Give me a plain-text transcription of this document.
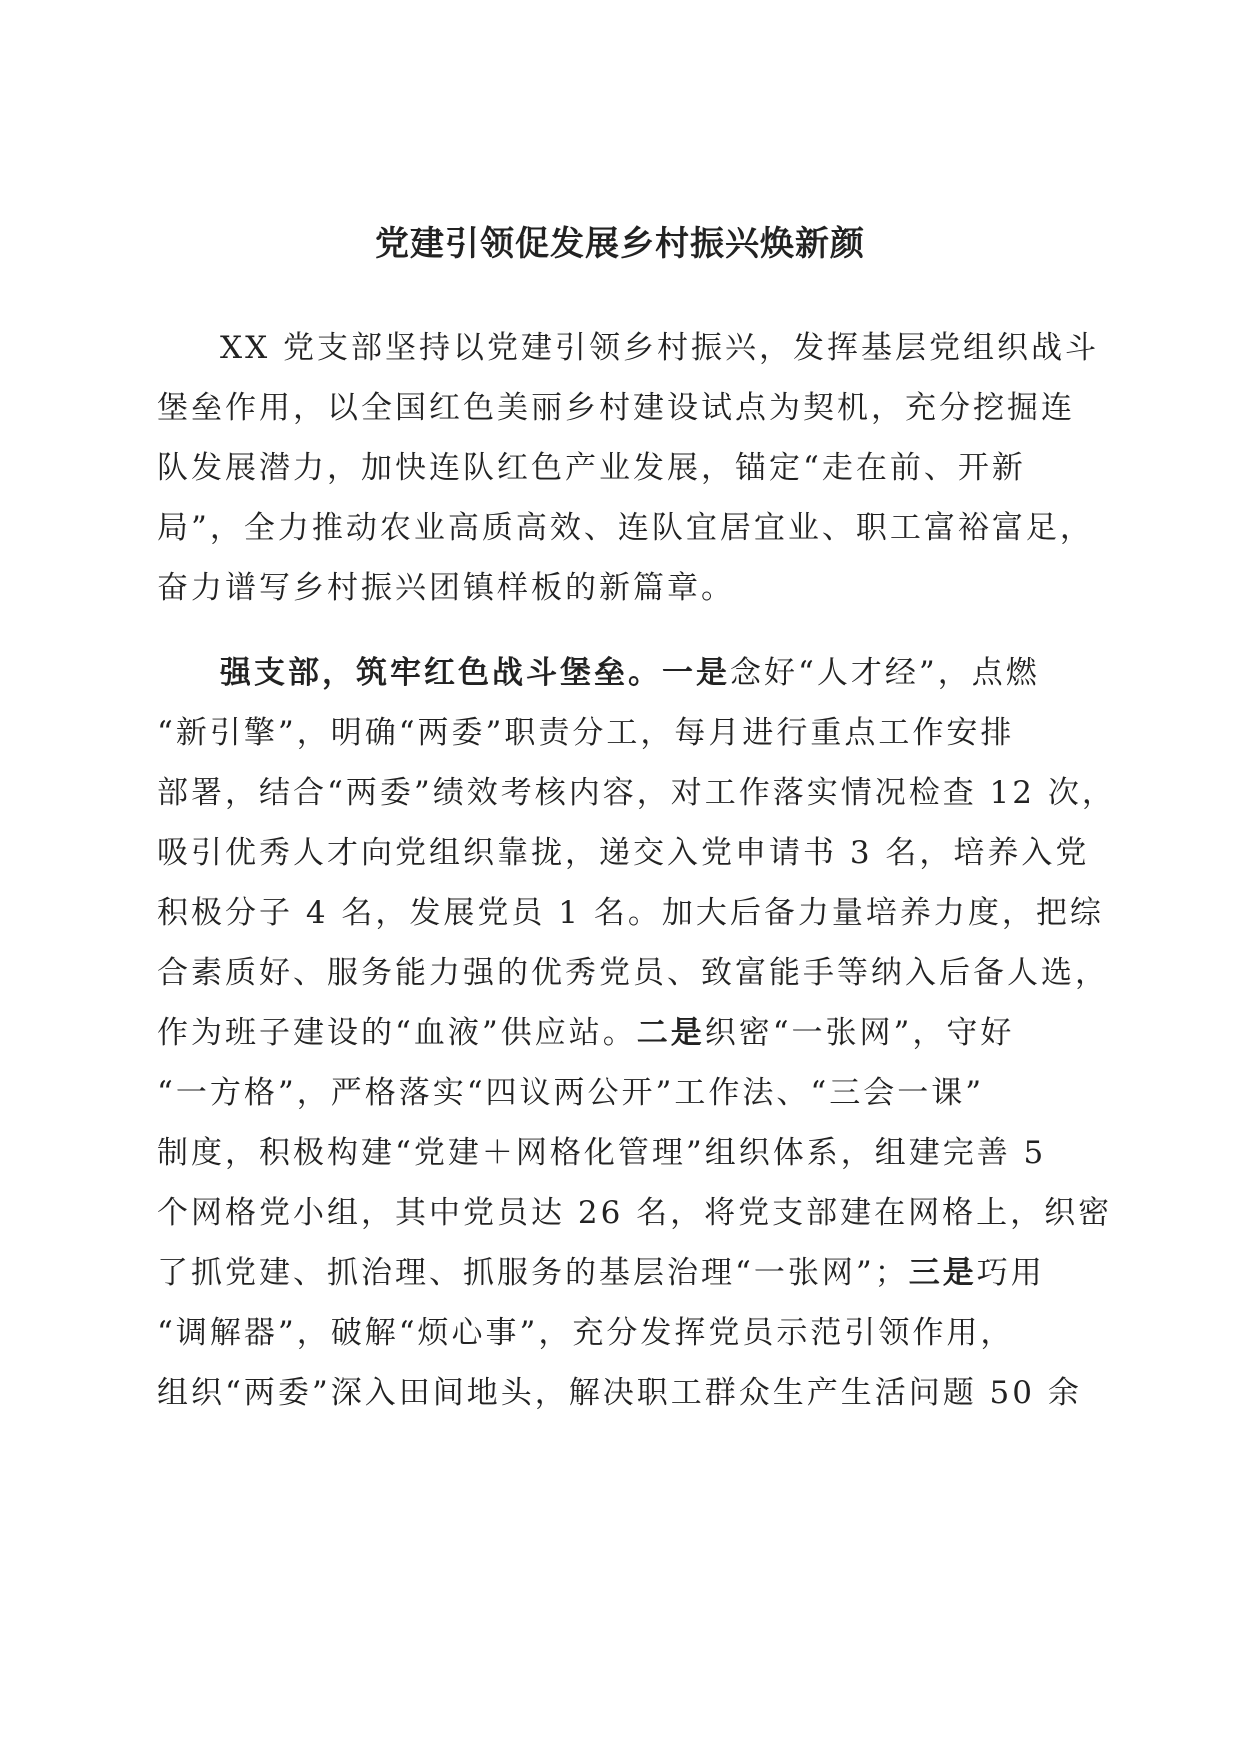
党建引领促发展乡村振兴焕新颜
XX 党支部坚持以党建引领乡村振兴，发挥基层党组织战斗
堡垒作用，以全国红色美丽乡村建设试点为契机，充分挖掘连
队发展潜力，加快连队红色产业发展，锚定“走在前、开新
局”，全力推动农业高质高效、连队宜居宜业、职工富裕富足，
奋力谱写乡村振兴团镇样板的新篇章。
强支部，筑牢红色战斗堡垒。一是念好“人才经”，点燃
“新引擎”，明确“两委”职责分工，每月进行重点工作安排
部署，结合“两委”绩效考核内容，对工作落实情况检查 12 次，
吸引优秀人才向党组织靠拢，递交入党申请书 3 名，培养入党
积极分子 4 名，发展党员 1 名。加大后备力量培养力度，把综
合素质好、服务能力强的优秀党员、致富能手等纳入后备人选，
作为班子建设的“血液”供应站。二是织密“一张网”，守好
“一方格”，严格落实“四议两公开”工作法、“三会一课”
制度，积极构建“党建＋网格化管理”组织体系，组建完善 5
个网格党小组，其中党员达 26 名，将党支部建在网格上，织密
了抓党建、抓治理、抓服务的基层治理“一张网”；三是巧用
“调解器”，破解“烦心事”，充分发挥党员示范引领作用，
组织“两委”深入田间地头，解决职工群众生产生活问题 50 余
